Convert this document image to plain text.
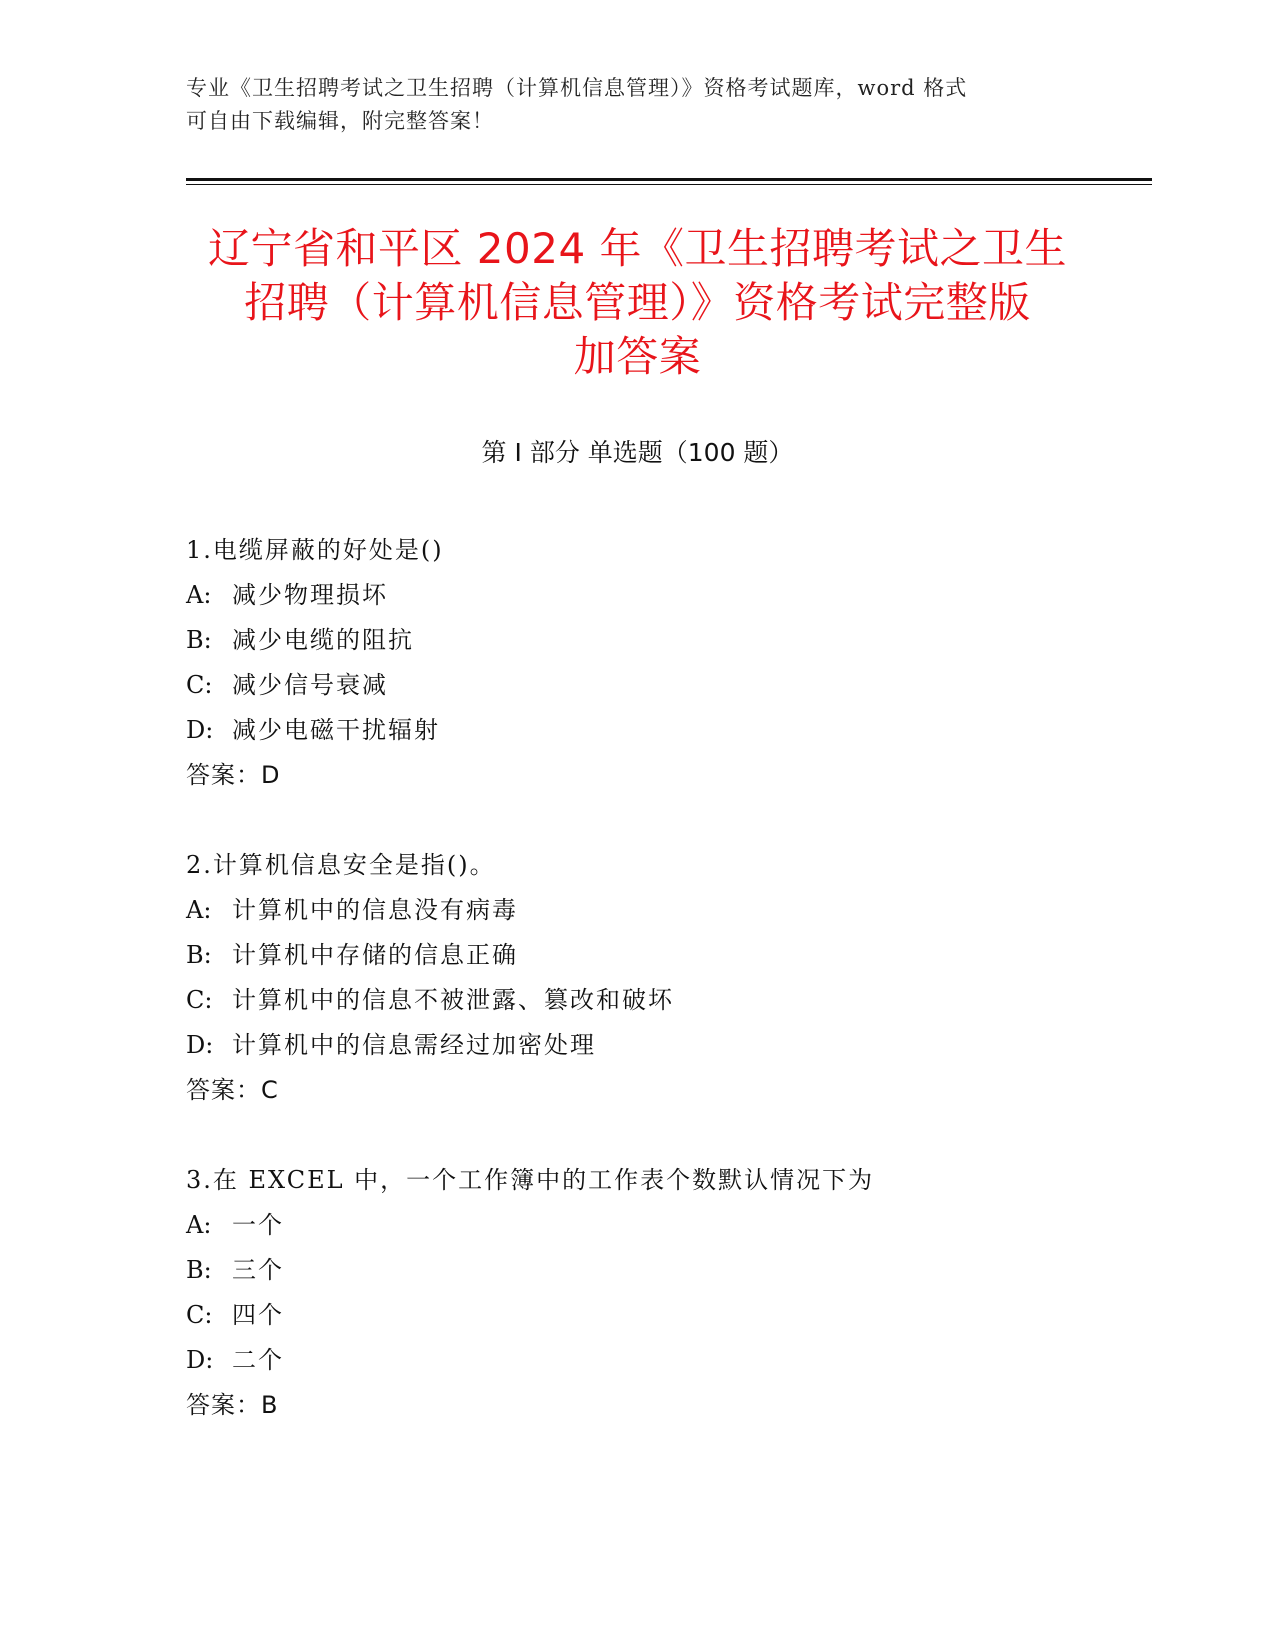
专业《卫生招聘考试之卫生招聘（计算机信息管理）》资格考试题库，word 格式
可自由下载编辑，附完整答案！
辽宁省和平区 2024 年《卫生招聘考试之卫生
招聘（计算机信息管理）》资格考试完整版
加答案
第 I 部分 单选题（100 题）
1.电缆屏蔽的好处是()
A: 减少物理损坏
B: 减少电缆的阻抗
C: 减少信号衰减
D: 减少电磁干扰辐射
答案：D
2.计算机信息安全是指()。
A: 计算机中的信息没有病毒
B: 计算机中存储的信息正确
C: 计算机中的信息不被泄露、篡改和破坏
D: 计算机中的信息需经过加密处理
答案：C
3.在 EXCEL 中，一个工作簿中的工作表个数默认情况下为
A: 一个
B: 三个
C: 四个
D: 二个
答案：B
